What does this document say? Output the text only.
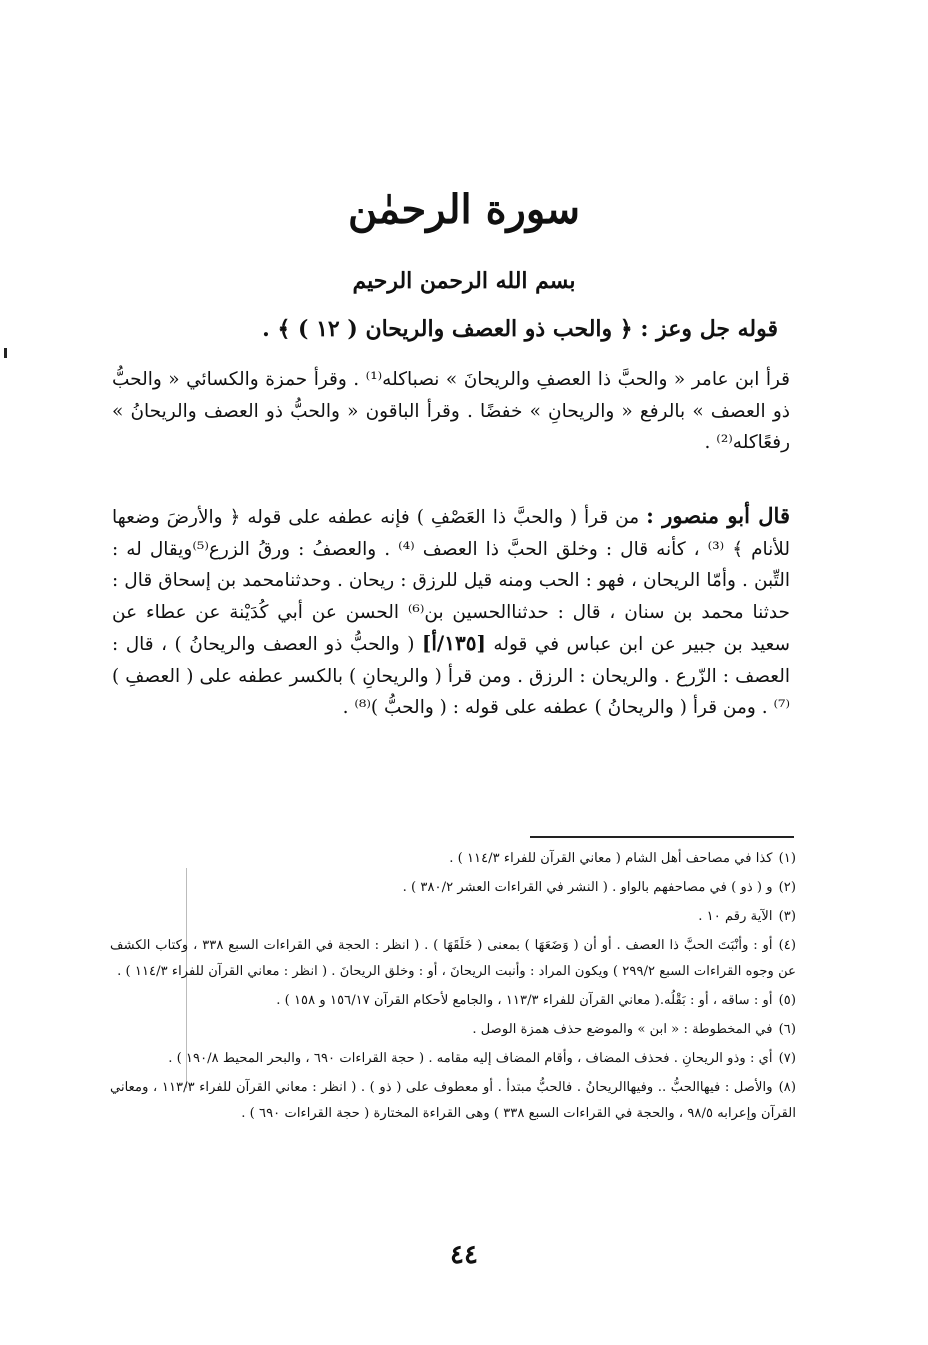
سورة الرحمٰن
بسم الله الرحمن الرحيم
قوله جل وعز : ﴿ والحب ذو العصف والريحان ( ١٢ ) ﴾ .
قرأ ابن عامر « والحبَّ ذا العصفِ والريحانَ » نصباكله⁽¹⁾ . وقرأ حمزة والكسائي « والحبُّ ذو العصف » بالرفع « والريحانِ » خفضًا . وقرأ الباقون « والحبُّ ذو العصف والريحانُ » رفعًاكله⁽²⁾ .
قال أبو منصور : من قرأ ( والحبَّ ذا العَصْفِ ) فإنه عطفه على قوله ﴿ والأرضَ وضعها للأنام ﴾ ⁽³⁾ ، كأنه قال : وخلق الحبَّ ذا العصف ⁽⁴⁾ . والعصفُ : ورقُ الزرع⁽⁵⁾ويقال له : التِّبن . وأمّا الريحان ، فهو : الحب ومنه قيل للرزق : ريحان . وحدثنامحمد بن إسحاق قال : حدثنا محمد بن سنان ، قال : حدثناالحسين بن⁽⁶⁾ الحسن عن أبي كُدَيْنة عن عطاء عن سعيد بن جبير عن ابن عباس في قوله [١٣٥/أ] ( والحبُّ ذو العصف والريحانُ ) ، قال : العصف : الزّرع . والريحان : الرزق . ومن قرأ ( والريحانِ ) بالكسر عطفه على ( العصفِ )⁽⁷⁾ . ومن قرأ ( والريحانُ ) عطفه على قوله : ( والحبُّ )⁽⁸⁾ .
(١)كذا في مصاحف أهل الشام ( معاني القرآن للفراء ١١٤/٣ ) .
(٢)و ( ذو ) في مصاحفهم بالواو . ( النشر في القراءات العشر ٣٨٠/٢ ) .
(٣)الآية رقم ١٠ .
(٤)أو : وأنْبَتَ الحبَّ ذا العصف . أو أن ( وَضَعَهَا ) بمعنى ( خَلَقَهَا ) . ( انظر : الحجة في القراءات السبع ٣٣٨ ، وكتاب الكشف عن وجوه القراءات السبع ٢٩٩/٢ ) ويكون المراد : وأنبت الريحانَ ، أو : وخلق الريحانَ . ( انظر : معاني القرآن للفراء ١١٤/٣ ) .
(٥)أو : ساقه ، أو : بَقْلُه.( معاني القرآن للفراء ١١٣/٣ ، والجامع لأحكام القرآن ١٥٦/١٧ و ١٥٨ ) .
(٦)في المخطوطة : « ابن » والموضع حذف همزة الوصل .
(٧)أي : وذو الريحانِ . فحذف المضاف ، وأقام المضاف إليه مقامه . ( حجة القراءات ٦٩٠ ، والبحر المحيط ١٩٠/٨ ) .
(٨)والأصل : فيهاالحبُّ .. وفيهاالريحانُ . فالحبُّ مبتدأ . أو معطوف على ( ذو ) . ( انظر : معاني القرآن للفراء ١١٣/٣ ، ومعاني القرآن وإعرابه ٩٨/٥ ، والحجة في القراءات السبع ٣٣٨ ) وهى القراءة المختارة ( حجة القراءات ٦٩٠ ) .
٤٤
